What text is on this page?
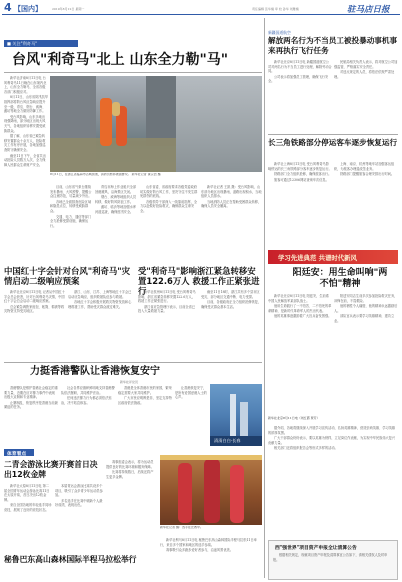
4 【国内】	2019年8月12日 星期一	责任编辑 张华楠 审 校 孙华 刘雅楠	驻马店日报
■ 关注"利奇马"
台风"利奇马"北上 山东全力勒"马"

新华社济南8月11日电 台风利奇马11日晚在山东境内北上，山东全力勒马，全省各级各部门积极应对。

8月11日，山东省防汛抗旱指挥部将防台风应急响应提升至一级，青岛、烟台、威海、潍坊等地全力做好防御工作。

受台风影响，山东多地出现强降雨，部分地区出现大风天气，各地组织转移安置受威胁群众。

据了解，山东省已紧急转移安置群众十余万人，抢险救灾工作有序开展，各地加强巡查防守确保安全。

截至11日下午，全省共出动抢险人员数万人次，全力保障人民群众生命财产安全。

8月11日，在浙江省临海市古城街道，消防员转移被困群众。 新华社记者 黄宗治 摄

目前，山东省气象台继续发布暴雨、大风预警，提醒公众注意防范，尽量减少外出。

各地已全面排查危险区域和隐患点位，转移受威胁群众。

交通、电力、通信等部门全力抢修受损设施，确保运行。

青岛市海上作业船只全部回港避风，沿海景区关闭。

烟台、威海等地组织人员转移，做好防风防浪工作。

潍坊、临沂等地加强水库河道巡查，确保度汛安全。

山东省委、省政府要求各级党委政府切实做好防台风工作，坚决守住不发生群死群伤的底线。

各级领导干部深入一线靠前指挥，全力以赴做好抢险救灾，确保群众生命安全。

新华社记者 王凯 摄：受台风影响，山东部分地区出现暴雨，道路出现积水，当地组织人员排水。

当地消防人员正在帮助受困群众转移，确保人员安全撤离。

中国红十字会针对台风"利奇马"灾情启动二级响应预案

新华社北京8月11日电 记者从中国红十字会总会获悉，针对台风利奇马灾情，中国红十字会总会启动二级响应预案。

总会紧急调拨家庭包、帐篷、棉被等救灾物资支持受灾地区。

浙江、山东、江苏、上海等地红十字会已启动应急响应，组织救援队伍参与救援。

各地红十字会积极开展救灾物资发放和心理救援工作，帮助受灾群众渡过难关。

受"利奇马"影响浙江紧急转移安置122.6万人 救援工作正紧张进行

新华社杭州8月11日电 受台风利奇马影响，浙江省紧急转移安置122.6万人，救援工作正紧张进行。

浙江省应急管理厅表示，目前全省已投入大量救援力量。

截至11日18时，浙江共有多个县市区受灾，部分地区交通中断、电力受损。

目前，各级政府正全力组织抢修恢复，确保受灾群众基本生活。

力挺香港警队让香港恢复安宁
新华社评论员

香港警队是维护香港社会稳定的重要力量，近期在应对暴力事件中表现出极大克制和专业精神。

止暴制乱、恢复秩序是香港当前最紧迫的任务。

社会各界应旗帜鲜明地支持香港警队依法履职，共同维护法治。

任何违法暴力行为都必须依法惩治，决不姑息纵容。

香港是全体香港市民的家园，繁荣稳定需要大家共同维护。

广大市民应明辨是非，坚定支持特区政府依法施政。

让香港恢复安宁，是所有爱国爱港人士的心声。

清清白白·长春
体育看点
二青会游泳比赛开赛首日决出12枚金牌

新华社太原8月11日电 第二届全国青年运动会游泳比赛11日在太原开赛，首日决出12枚金牌。

来自全国各地的年轻选手同场竞技，展现了良好的竞技状态。

本届青运会游泳比赛共设多个项目，吸引了众多青少年运动员参加。

多名选手在比赛中刷新个人最好成绩，表现出色。

赛事组委会表示，将为运动员提供良好的比赛环境和服务保障。

比赛将持续数日，后续还将产生更多金牌。

新华社记者 摄：选手在比赛中。
秘鲁巴东高山森林国际半程马拉松举行

新华社利马8月11日电 秘鲁巴东高山森林国际半程马拉松11日举行，来自多个国家和地区的选手参赛。

赛事吸引众多跑步爱好者参与，沿途风景优美。

新疆国道航空
解放两名行为不当员工被投暴动事机事来再执行飞行任务

新华社北京8月11日电 新疆国道航空公司对两名行为不当员工进行处理，解除劳动合同。

公司表示将加强员工管理，确保飞行安全。

民航局相关负责人表示，将对航空公司加强监管，严格落实安全责任。

对违反规定的人员，将依法依规严肃处理。

长三角铁路部分停运客车逐步恢复运行

新华社上海8月11日电 受台风利奇马影响停运的长三角铁路部分客车逐步恢复运行。

铁路部门全力组织抢修，确保旅客出行。

旅客可通过12306网站查询车次信息。

上海、南京、杭州等地车站加强客运组织，为旅客办理退改签业务。

铁路部门提醒旅客合理安排出行时间。

学习先进典范 共谱时代新风
阳廷安：用生命叫响"两不怕"精神

新华社北京8月11日电 阳廷安，生前系中国人民解放军某部队战士。

他用生命践行了一不怕苦、二不怕死的革命精神，是新时代革命军人的杰出代表。

他的英雄事迹激励着广大官兵奋发图强。

阳廷安同志生前多次参加抢险救灾任务，冲锋在前，不畏艰险。

他的牺牲令人痛惜，他的精神永远激励后人。

部队官兵表示要学习英雄精神，建功立业。

新华社北京8月11日电（刘红霞 贾芳）

据介绍，各地将继续深入开展学习宣传活动，弘扬英雄精神，营造崇尚英雄、学习英雄的浓厚氛围。

广大干部群众纷纷表示，要以英雄为榜样，立足岗位作贡献，为实现中华民族伟大复兴贡献力量。

相关部门还将组织报告会等形式多样的活动。

西"强世界"项目资产申报全让清算公告

根据相关规定，现就项目资产申报及清算事宜公告如下，请相关债权人及时申报。
